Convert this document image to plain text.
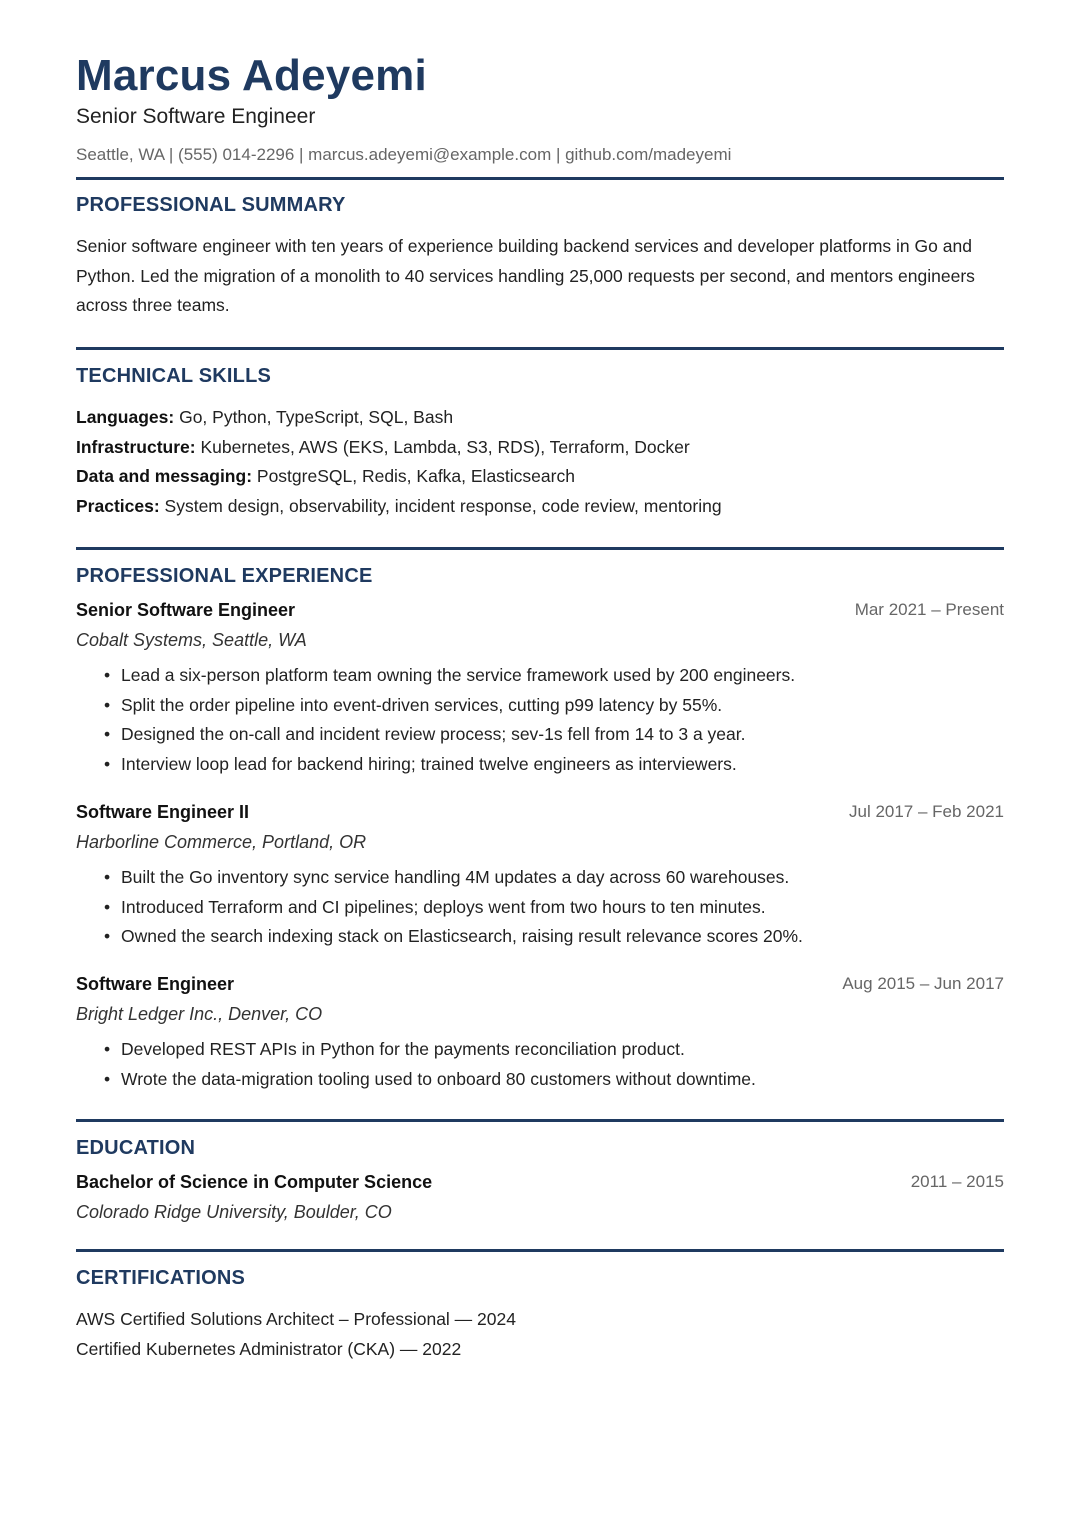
Marcus Adeyemi
Senior Software Engineer
Seattle, WA | (555) 014-2296 | marcus.adeyemi@example.com | github.com/madeyemi
PROFESSIONAL SUMMARY
Senior software engineer with ten years of experience building backend services and developer platforms in Go and Python. Led the migration of a monolith to 40 services handling 25,000 requests per second, and mentors engineers across three teams.
TECHNICAL SKILLS
Languages: Go, Python, TypeScript, SQL, Bash
Infrastructure: Kubernetes, AWS (EKS, Lambda, S3, RDS), Terraform, Docker
Data and messaging: PostgreSQL, Redis, Kafka, Elasticsearch
Practices: System design, observability, incident response, code review, mentoring
PROFESSIONAL EXPERIENCE
Senior Software Engineer	Mar 2021 – Present
Cobalt Systems, Seattle, WA
• Lead a six-person platform team owning the service framework used by 200 engineers.
• Split the order pipeline into event-driven services, cutting p99 latency by 55%.
• Designed the on-call and incident review process; sev-1s fell from 14 to 3 a year.
• Interview loop lead for backend hiring; trained twelve engineers as interviewers.
Software Engineer II	Jul 2017 – Feb 2021
Harborline Commerce, Portland, OR
• Built the Go inventory sync service handling 4M updates a day across 60 warehouses.
• Introduced Terraform and CI pipelines; deploys went from two hours to ten minutes.
• Owned the search indexing stack on Elasticsearch, raising result relevance scores 20%.
Software Engineer	Aug 2015 – Jun 2017
Bright Ledger Inc., Denver, CO
• Developed REST APIs in Python for the payments reconciliation product.
• Wrote the data-migration tooling used to onboard 80 customers without downtime.
EDUCATION
Bachelor of Science in Computer Science	2011 – 2015
Colorado Ridge University, Boulder, CO
CERTIFICATIONS
AWS Certified Solutions Architect – Professional — 2024
Certified Kubernetes Administrator (CKA) — 2022
